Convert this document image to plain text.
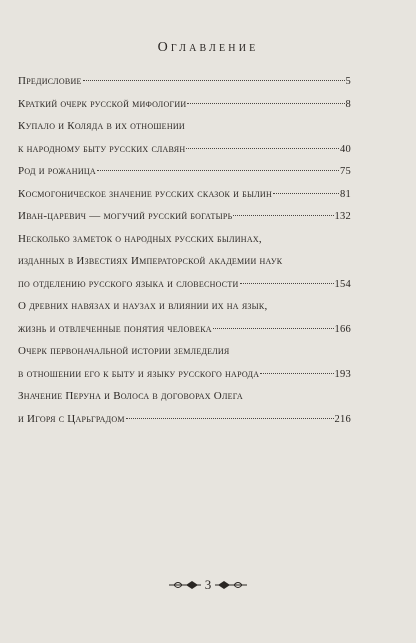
Оглавление
Предисловие	5
Краткий очерк русской мифологии	8
Купало и Коляда в их отношении
к народному быту русских славян	40
Род и рожаница	75
Космогоническое значение русских сказок и былин	81
Иван-царевич — могучий русский богатырь	132
Несколько заметок о народных русских былинах,
изданных в Известиях Императорской академии наук
по отделению русского языка и словесности	154
О древних навязах и наузах и влиянии их на язык,
жизнь и отвлеченные понятия человека	166
Очерк первоначальной истории земледелия
в отношении его к быту и языку русского народа	193
Значение Перуна и Волоса в договорах Олега
и Игоря с Царьградом	216
3
